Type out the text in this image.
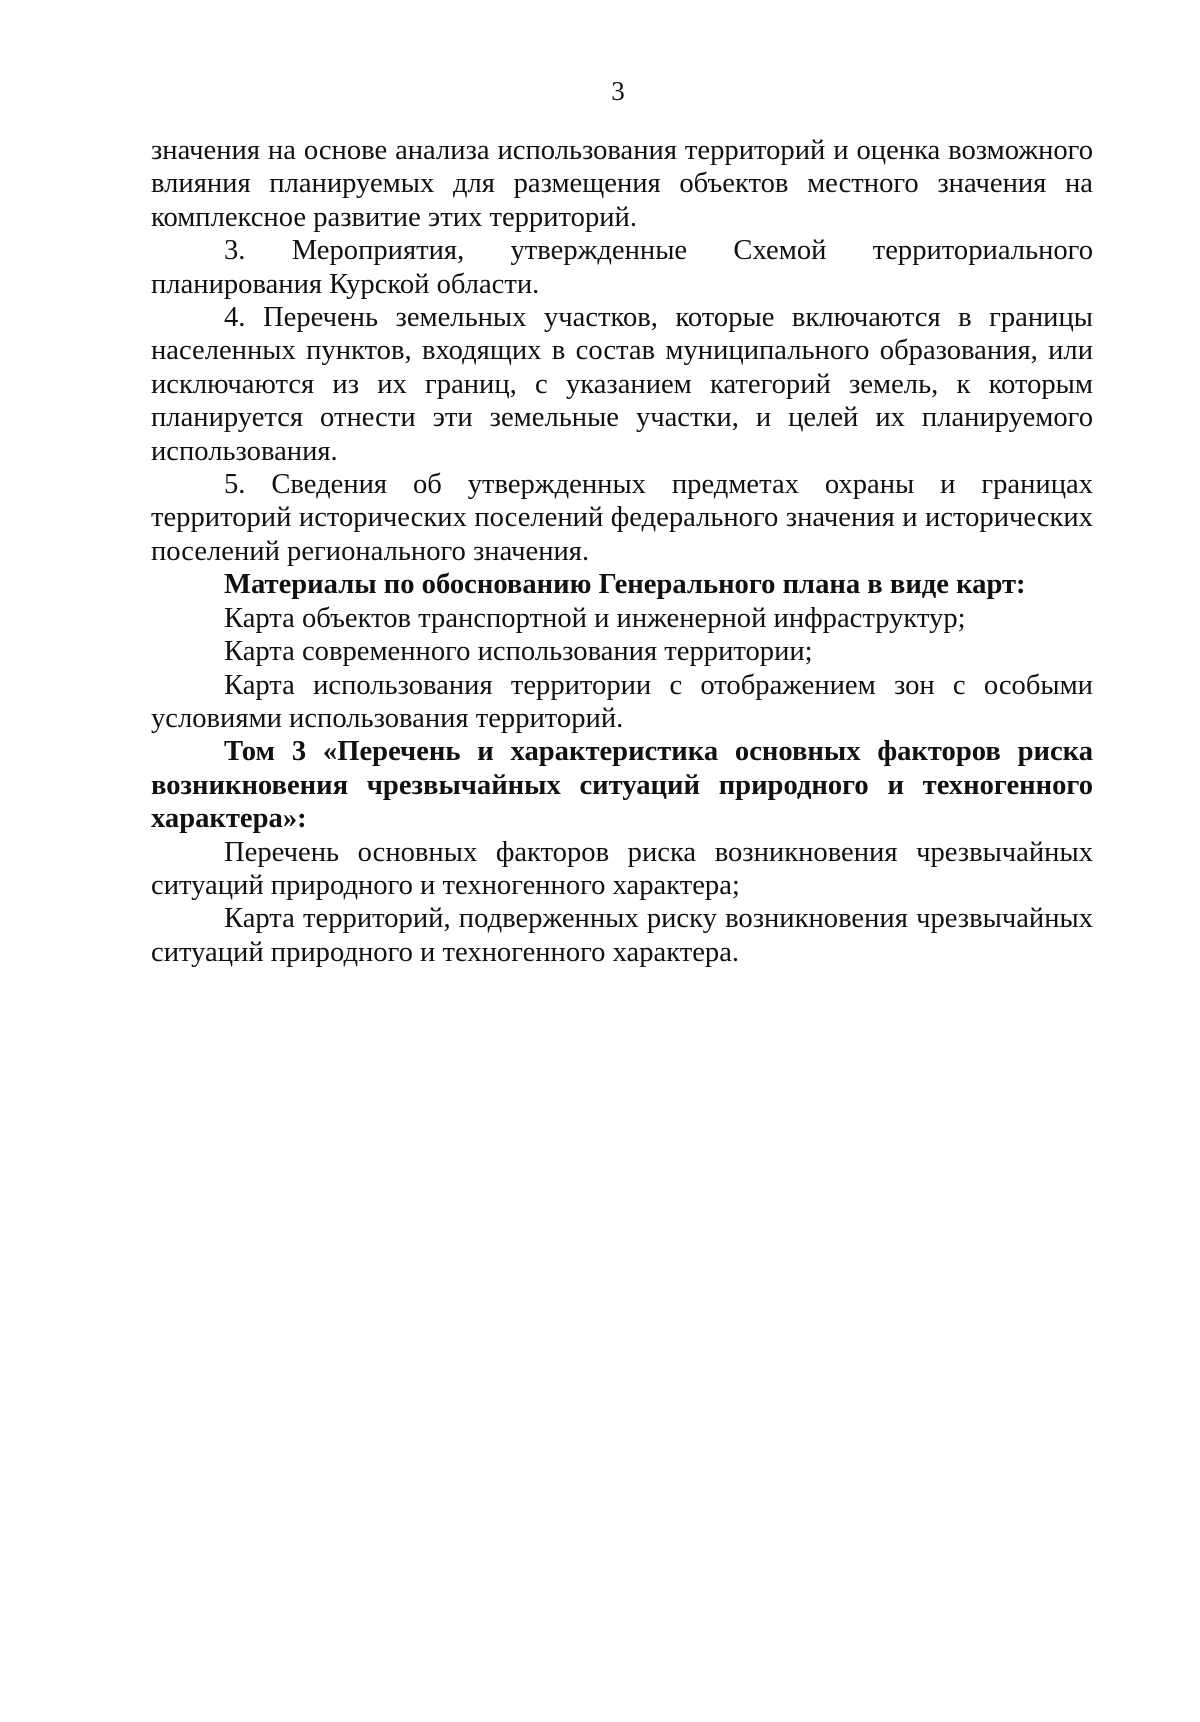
3

значения на основе анализа использования территорий и оценка возможного влияния планируемых для размещения объектов местного значения на комплексное развитие этих территорий.

3. Мероприятия, утвержденные Схемой территориального планирования Курской области.

4. Перечень земельных участков, которые включаются в границы населенных пунктов, входящих в состав муниципального образования, или исключаются из их границ, с указанием категорий земель, к которым планируется отнести эти земельные участки, и целей их планируемого использования.

5. Сведения об утвержденных предметах охраны и границах территорий исторических поселений федерального значения и исторических поселений регионального значения.

Материалы по обоснованию Генерального плана в виде карт:

Карта объектов транспортной и инженерной инфраструктур;

Карта современного использования территории;

Карта использования территории с отображением зон с особыми условиями использования территорий.

Том 3 «Перечень и характеристика основных факторов риска возникновения чрезвычайных ситуаций природного и техногенного характера»:

Перечень основных факторов риска возникновения чрезвычайных ситуаций природного и техногенного характера;

Карта территорий, подверженных риску возникновения чрезвычайных ситуаций природного и техногенного характера.
